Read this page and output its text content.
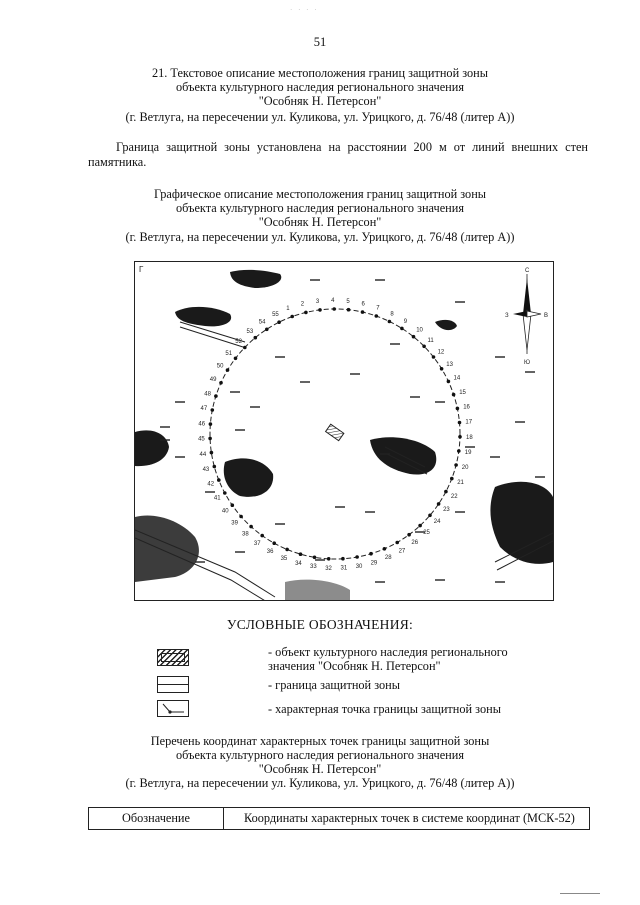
· · · ·
51
21. Текстовое описание местоположения границ защитной зоны
объекта культурного наследия регионального значения
"Особняк Н. Петерсон"
(г. Ветлуга, на пересечении ул. Куликова, ул. Урицкого, д. 76/48 (литер А))
Граница защитной зоны установлена на расстоянии 200 м от линий внешних стен памятника.
Графическое описание местоположения границ защитной зоны
объекта культурного наследия регионального значения
"Особняк Н. Петерсон"
(г. Ветлуга, на пересечении ул. Куликова, ул. Урицкого, д. 76/48 (литер А))
1
2 3 4 5 6
7
8
9
10
11
12
13
14
15
16
17
18
19
20
21
22
23
24
25
26
27
28
29
30
31
32
33
34
35
36
37
38
39
40
41
42
43
44
45
46
47
48
49
50
51
52
53
54
55
Г	С
Ю
З	В
УСЛОВНЫЕ ОБОЗНАЧЕНИЯ:
- объект культурного наследия регионального
значения "Особняк Н. Петерсон"
- граница защитной зоны
- характерная точка границы защитной зоны
Перечень координат характерных точек границы защитной зоны
объекта культурного наследия регионального значения
"Особняк Н. Петерсон"
(г. Ветлуга, на пересечении ул. Куликова, ул. Урицкого, д. 76/48 (литер А))
Обозначение	Координаты характерных точек в системе координат (МСК-52)
